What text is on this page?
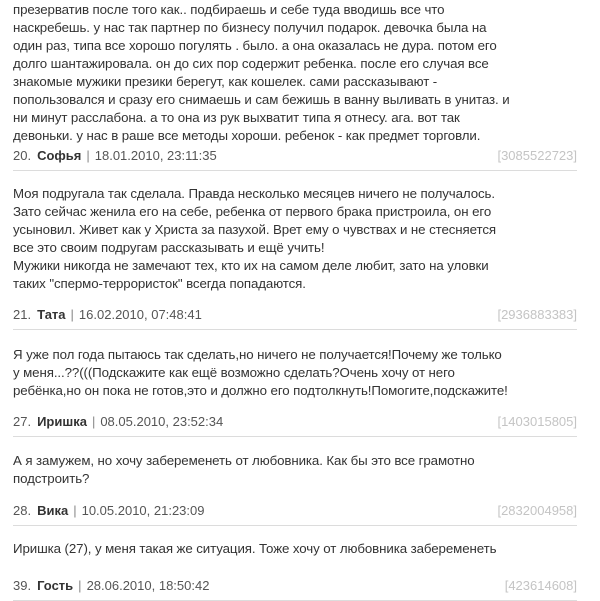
презерватив после того как.. подбираешь и себе туда вводишь все что
наскребешь. у нас так партнер по бизнесу получил подарок. девочка была на
один раз, типа все хорошо погулять . было. а она оказалась не дура. потом его
долго шантажировала. он до сих пор содержит ребенка. после его случая все
знакомые мужики презики берегут, как кошелек. сами рассказывают -
попользовался и сразу его снимаешь и сам бежишь в ванну выливать в унитаз. и
ни минут расслабона. а то она из рук выхватит типа я отнесу. ага. вот так
девоньки. у нас в раше все методы хороши. ребенок - как предмет торговли.
20. Софья | 18.01.2010, 23:11:35	[3085522723]
Моя подругала так сделала. Правда несколько месяцев ничего не получалось.
Зато сейчас женила его на себе, ребенка от первого брака пристроила, он его
усыновил. Живет как у Христа за пазухой. Врет ему о чувствах и не стесняется
все это своим подругам рассказывать и ещё учить!
Мужики никогда не замечают тех, кто их на самом деле любит, зато на уловки
таких "спермо-террористок" всегда попадаются.
21. Тата | 16.02.2010, 07:48:41	[2936883383]
Я уже пол года пытаюсь так сделать,но ничего не получается!Почему же только
у меня...??(((Подскажите как ещё возможно сделать?Очень хочу от него
ребёнка,но он пока не готов,это и должно его подтолкнуть!Помогите,подскажите!
27. Иришка | 08.05.2010, 23:52:34	[1403015805]
А я замужем, но хочу забеременеть от любовника. Как бы это все грамотно
подстроить?
28. Вика | 10.05.2010, 21:23:09	[2832004958]
Иришка (27), у меня такая же ситуация. Тоже хочу от любовника забеременеть
39. Гость | 28.06.2010, 18:50:42	[423614608]
